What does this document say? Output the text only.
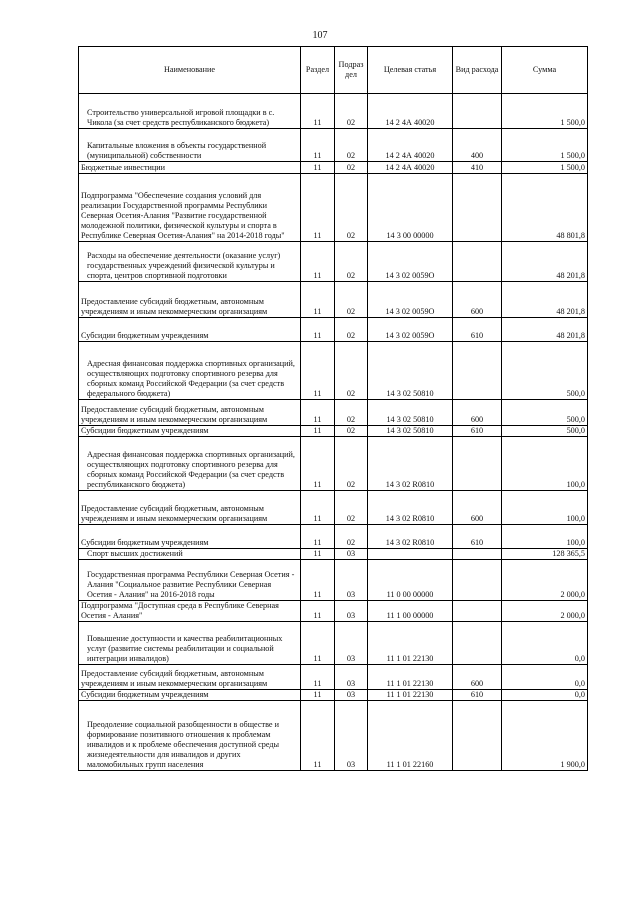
107
Наименование	Раздел	Подраз дел	Целевая статья	Вид расхода	Сумма

Строительство универсальной игровой площадки в с. Чикола (за счет средств республиканского бюджета)	11	02	14 2 4А 40020		1 500,0

Капитальные вложения в объекты государственной (муниципальной) собственности	11	02	14 2 4А 40020	400	1 500,0

Бюджетные инвестиции	11	02	14 2 4А 40020	410	1 500,0

Подпрограмма "Обеспечение создания условий для реализации Государственной программы Республики Северная Осетия-Алания "Развитие государственной молодежной политики, физической культуры и спорта в Республике Северная Осетия-Алания" на 2014-2018 годы"	11	02	14 3 00 00000		48 801,8

Расходы на обеспечение деятельности (оказание услуг) государственных учреждений физической культуры и спорта, центров спортивной подготовки	11	02	14 3 02 0059О		48 201,8

Предоставление субсидий бюджетным, автономным учреждениям и иным некоммерческим организациям	11	02	14 3 02 0059О	600	48 201,8

Субсидии бюджетным учреждениям	11	02	14 3 02 0059О	610	48 201,8

Адресная финансовая поддержка спортивных организаций, осуществляющих подготовку спортивного резерва для сборных команд Российской Федерации (за счет средств федерального бюджета)	11	02	14 3 02 50810		500,0

Предоставление субсидий бюджетным, автономным учреждениям и иным некоммерческим организациям	11	02	14 3 02 50810	600	500,0

Субсидии бюджетным учреждениям	11	02	14 3 02 50810	610	500,0

Адресная финансовая поддержка спортивных организаций, осуществляющих подготовку спортивного резерва для сборных команд Российской Федерации (за счет средств республиканского бюджета)	11	02	14 3 02 R0810		100,0

Предоставление субсидий бюджетным, автономным учреждениям и иным некоммерческим организациям	11	02	14 3 02 R0810	600	100,0

Субсидии бюджетным учреждениям	11	02	14 3 02 R0810	610	100,0

Спорт высших достижений	11	03			128 365,5

Государственная программа Республики Северная Осетия - Алания "Социальное развитие Республики Северная Осетия - Алания" на 2016-2018 годы	11	03	11 0 00 00000		2 000,0

Подпрограмма "Доступная среда в Республике Северная Осетия - Алания"	11	03	11 1 00 00000		2 000,0

Повышение доступности и качества реабилитационных услуг (развитие системы реабилитации и социальной интеграции инвалидов)	11	03	11 1 01 22130		0,0

Предоставление субсидий бюджетным, автономным учреждениям и иным некоммерческим организациям	11	03	11 1 01 22130	600	0,0

Субсидии бюджетным учреждениям	11	03	11 1 01 22130	610	0,0

Преодоление социальной разобщенности в обществе и формирование позитивного отношения к проблемам инвалидов и к проблеме обеспечения доступной среды жизнедеятельности для инвалидов и других маломобильных групп населения	11	03	11 1 01 22160		1 900,0
